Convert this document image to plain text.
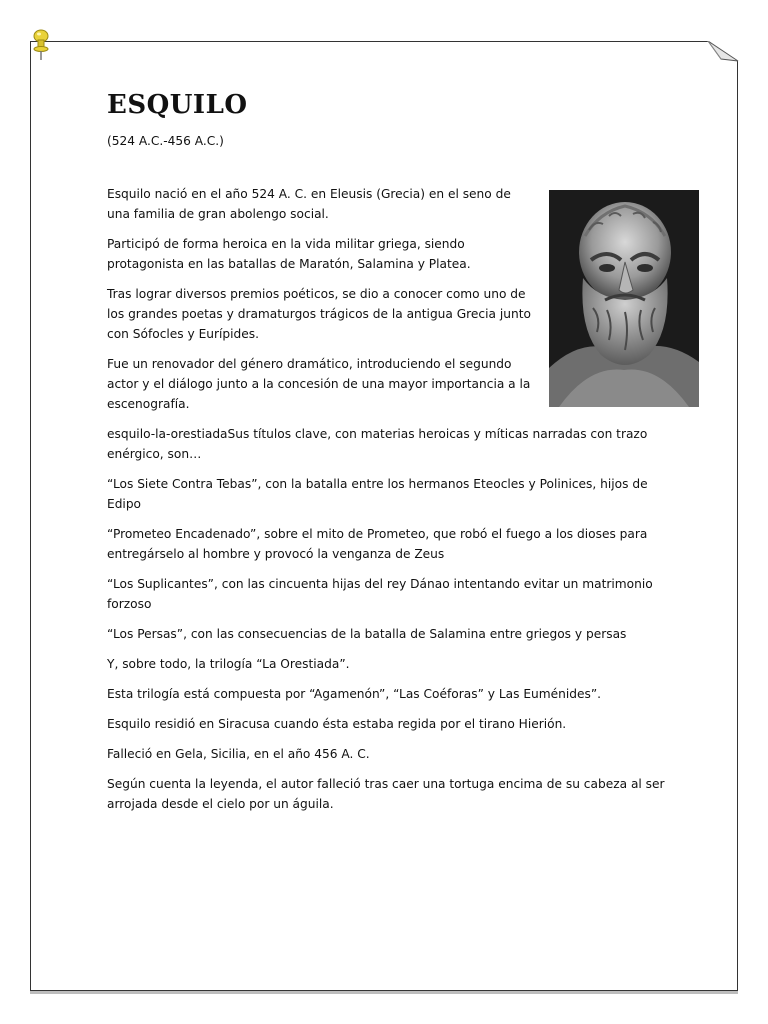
ESQUILO

(524 A.C.-456 A.C.)

Esquilo nació en el año 524 A. C. en Eleusis (Grecia) en el seno de una familia de gran abolengo social.

Participó de forma heroica en la vida militar griega, siendo protagonista en las batallas de Maratón, Salamina y Platea.

Tras lograr diversos premios poéticos, se dio a conocer como uno de los grandes poetas y dramaturgos trágicos de la antigua Grecia junto con Sófocles y Eurípides.

Fue un renovador del género dramático, introduciendo el segundo actor y el diálogo junto a la concesión de una mayor importancia a la escenografía.

esquilo-la-orestiadaSus títulos clave, con materias heroicas y míticas narradas con trazo enérgico, son…

“Los Siete Contra Tebas”, con la batalla entre los hermanos Eteocles y Polinices, hijos de Edipo

“Prometeo Encadenado”, sobre el mito de Prometeo, que robó el fuego a los dioses para entregárselo al hombre y provocó la venganza de Zeus

“Los Suplicantes”, con las cincuenta hijas del rey Dánao intentando evitar un matrimonio forzoso

“Los Persas”, con las consecuencias de la batalla de Salamina entre griegos y persas

Y, sobre todo, la trilogía “La Orestiada”.

Esta trilogía está compuesta por “Agamenón”, “Las Coéforas” y Las Euménides”.

Esquilo residió en Siracusa cuando ésta estaba regida por el tirano Hierión.

Falleció en Gela, Sicilia, en el año 456 A. C.

Según cuenta la leyenda, el autor falleció tras caer una tortuga encima de su cabeza al ser arrojada desde el cielo por un águila.
